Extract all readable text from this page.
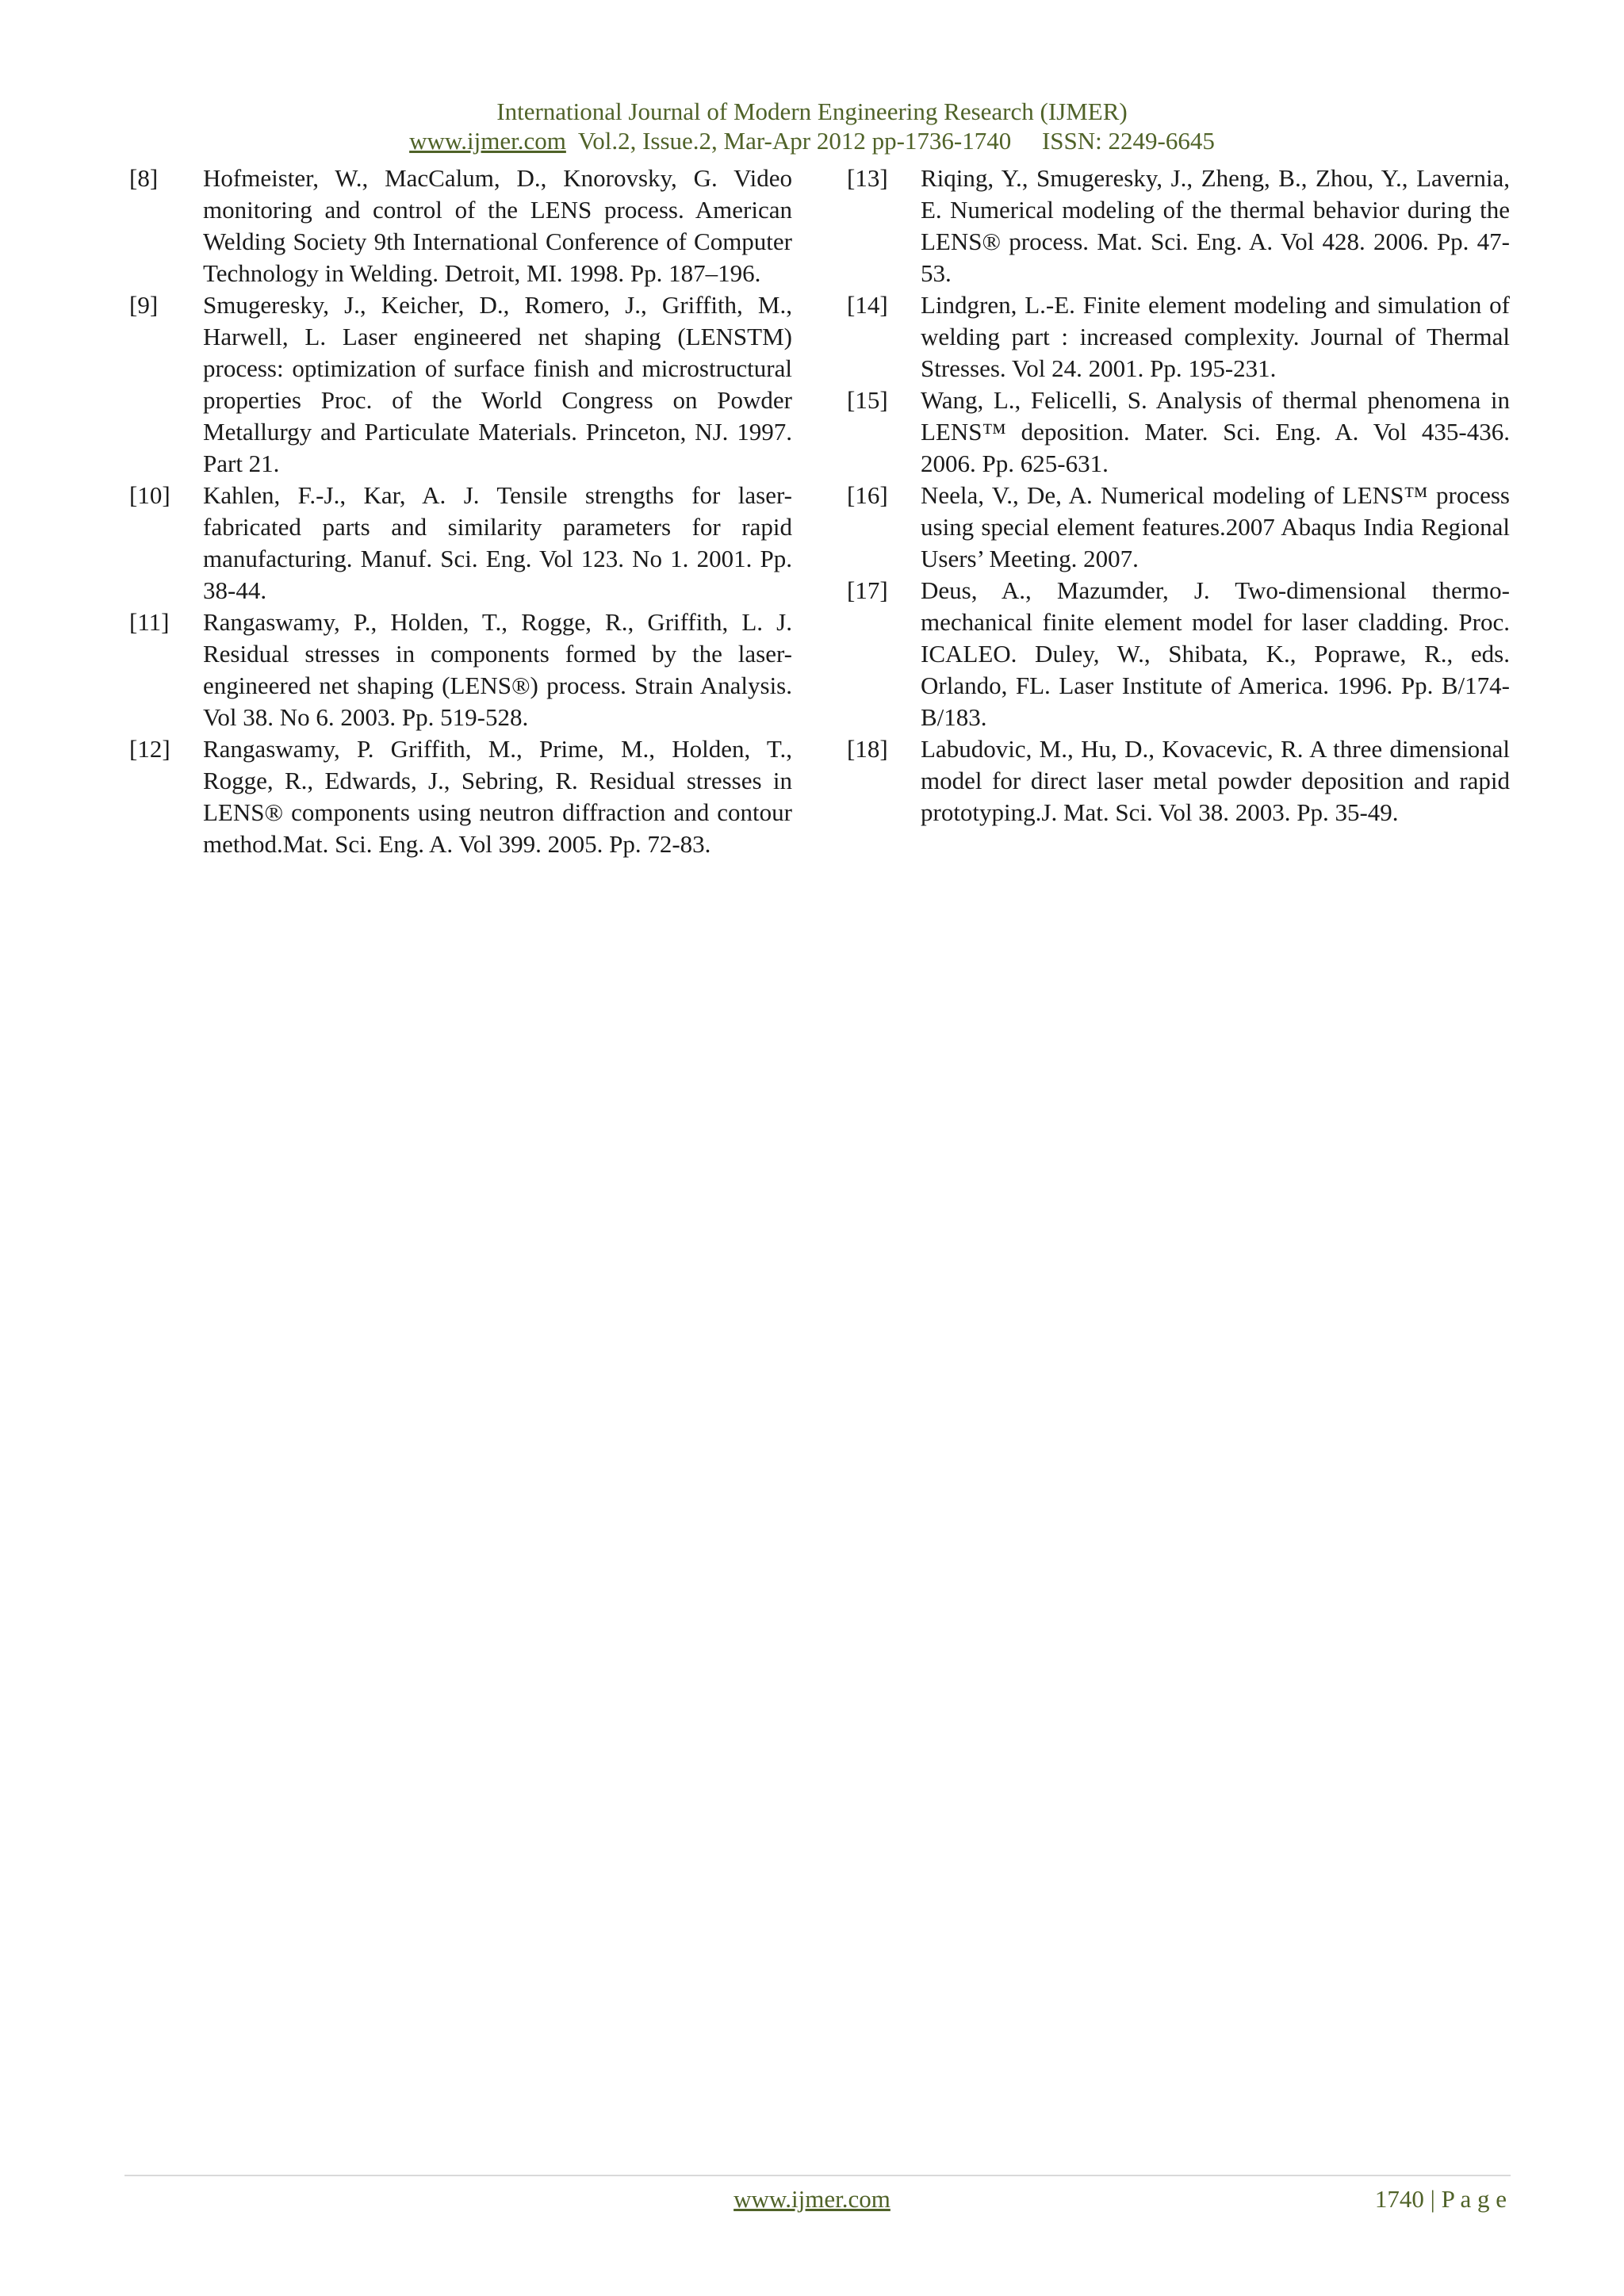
International Journal of Modern Engineering Research (IJMER)
www.ijmer.com Vol.2, Issue.2, Mar-Apr 2012 pp-1736-1740 ISSN: 2249-6645
[8]	Hofmeister, W., MacCalum, D., Knorovsky, G. Video monitoring and control of the LENS process. American Welding Society 9th International Conference of Computer Technology in Welding. Detroit, MI. 1998. Pp. 187–196.
[9]	Smugeresky, J., Keicher, D., Romero, J., Griffith, M., Harwell, L. Laser engineered net shaping (LENSTM) process: optimization of surface finish and microstructural properties Proc. of the World Congress on Powder Metallurgy and Particulate Materials. Princeton, NJ. 1997. Part 21.
[10]	Kahlen, F.-J., Kar, A. J. Tensile strengths for laser-fabricated parts and similarity parameters for rapid manufacturing. Manuf. Sci. Eng. Vol 123. No 1. 2001. Pp. 38-44.
[11]	Rangaswamy, P., Holden, T., Rogge, R., Griffith, L. J. Residual stresses in components formed by the laser-engineered net shaping (LENS®) process. Strain Analysis. Vol 38. No 6. 2003. Pp. 519-528.
[12]	Rangaswamy, P. Griffith, M., Prime, M., Holden, T., Rogge, R., Edwards, J., Sebring, R. Residual stresses in LENS® components using neutron diffraction and contour method.Mat. Sci. Eng. A. Vol 399. 2005. Pp. 72-83.
[13]	Riqing, Y., Smugeresky, J., Zheng, B., Zhou, Y., Lavernia, E. Numerical modeling of the thermal behavior during the LENS® process. Mat. Sci. Eng. A. Vol 428. 2006. Pp. 47-53.
[14]	Lindgren, L.-E. Finite element modeling and simulation of welding part : increased complexity. Journal of Thermal Stresses. Vol 24. 2001. Pp. 195-231.
[15]	Wang, L., Felicelli, S. Analysis of thermal phenomena in LENS™ deposition. Mater. Sci. Eng. A. Vol 435-436. 2006. Pp. 625-631.
[16]	Neela, V., De, A. Numerical modeling of LENS™ process using special element features.2007 Abaqus India Regional Users’ Meeting. 2007.
[17]	Deus, A., Mazumder, J. Two-dimensional thermo-mechanical finite element model for laser cladding. Proc. ICALEO. Duley, W., Shibata, K., Poprawe, R., eds. Orlando, FL. Laser Institute of America. 1996. Pp. B/174-B/183.
[18]	Labudovic, M., Hu, D., Kovacevic, R. A three dimensional model for direct laser metal powder deposition and rapid prototyping.J. Mat. Sci. Vol 38. 2003. Pp. 35-49.
www.ijmer.com	1740 | P a g e
